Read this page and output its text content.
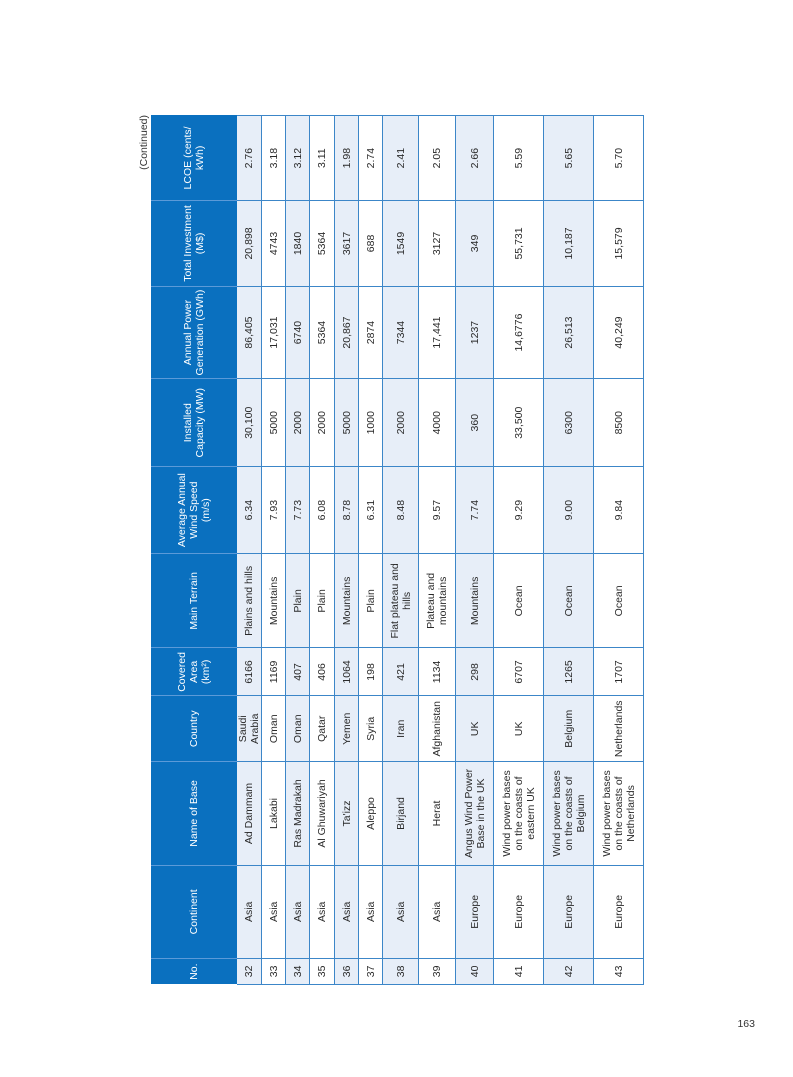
(Continued)
No.	Continent	Name of Base	Country	Covered Area (km²)	Main Terrain	Average Annual Wind Speed (m/s)	Installed Capacity (MW)	Annual Power Generation (GWh)	Total Investment (M$)	LCOE (cents/ kWh)
32	Asia	Ad Dammam	Saudi Arabia	6166	Plains and hills	6.34	30,100	86,405	20,898	2.76
33	Asia	Lakabi	Oman	1169	Mountains	7.93	5000	17,031	4743	3.18
34	Asia	Ras Madrakah	Oman	407	Plain	7.73	2000	6740	1840	3.12
35	Asia	Al Ghuwariyah	Qatar	406	Plain	6.08	2000	5364	5364	3.11
36	Asia	Ta'izz	Yemen	1064	Mountains	8.78	5000	20,867	3617	1.98
37	Asia	Aleppo	Syria	198	Plain	6.31	1000	2874	688	2.74
38	Asia	Birjand	Iran	421	Flat plateau and hills	8.48	2000	7344	1549	2.41
39	Asia	Herat	Afghanistan	1134	Plateau and mountains	9.57	4000	17,441	3127	2.05
40	Europe	Angus Wind Power Base in the UK	UK	298	Mountains	7.74	360	1237	349	2.66
41	Europe	Wind power bases on the coasts of eastern UK	UK	6707	Ocean	9.29	33,500	14,6776	55,731	5.59
42	Europe	Wind power bases on the coasts of Belgium	Belgium	1265	Ocean	9.00	6300	26,513	10,187	5.65
43	Europe	Wind power bases on the coasts of Netherlands	Netherlands	1707	Ocean	9.84	8500	40,249	15,579	5.70
163
